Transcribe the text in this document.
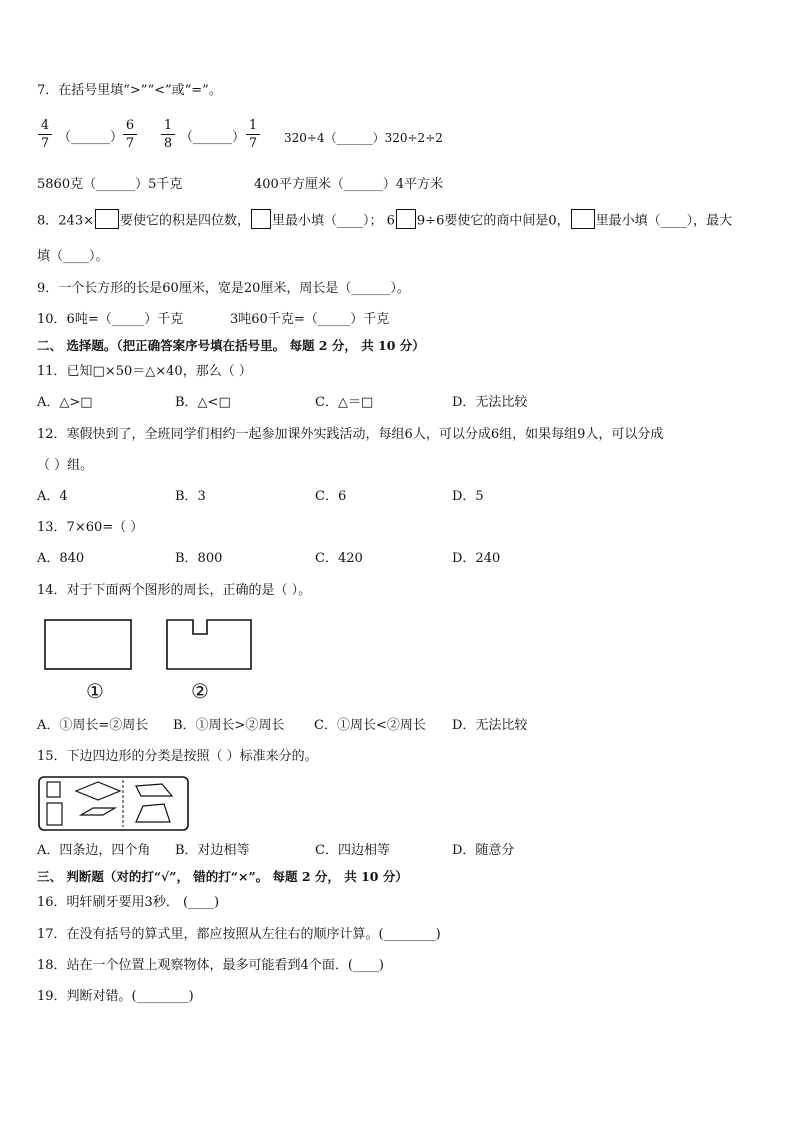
7．在括号里填“>”“<”或“=”。
4
7 （______）
6
7
1
8 （______）
1
7 320÷4（______）320÷2÷2
5860克（______）5千克	400平方厘米（______）4平方米
8．243× 要使它的积是四位数， 里最小填（____）； 6 9÷6要使它的商中间是0， 里最小填（____），最大
填（____）。
9．一个长方形的长是60厘米，宽是20厘米，周长是（______）。
10．6吨=（_____）千克	3吨60千克=（_____）千克
二、 选择题。（把正确答案序号填在括号里。 每题 2 分， 共 10 分）
11．已知□×50＝△×40，那么（ ）
A．△>□	B．△<□	C．△＝□	D．无法比较
12．寒假快到了，全班同学们相约一起参加课外实践活动，每组6人，可以分成6组，如果每组9人，可以分成
（ ）组。
A．4	B．3	C．6	D．5
13．7×60=（ ）
A．840	B．800	C．420	D．240
14．对于下面两个图形的周长，正确的是（ ）。
①	②
A．①周长=②周长 B．①周长>②周长 C．①周长<②周长 D．无法比较
15．下边四边形的分类是按照（ ）标准来分的。
A．四条边，四个角 B．对边相等	C．四边相等	D．随意分
三、 判断题（对的打“√”， 错的打“×”。 每题 2 分， 共 10 分）
16．明轩刷牙要用3秒． (____)
17．在没有括号的算式里，都应按照从左往右的顺序计算。(________)
18．站在一个位置上观察物体，最多可能看到4个面．(____)
19．判断对错。(________)
